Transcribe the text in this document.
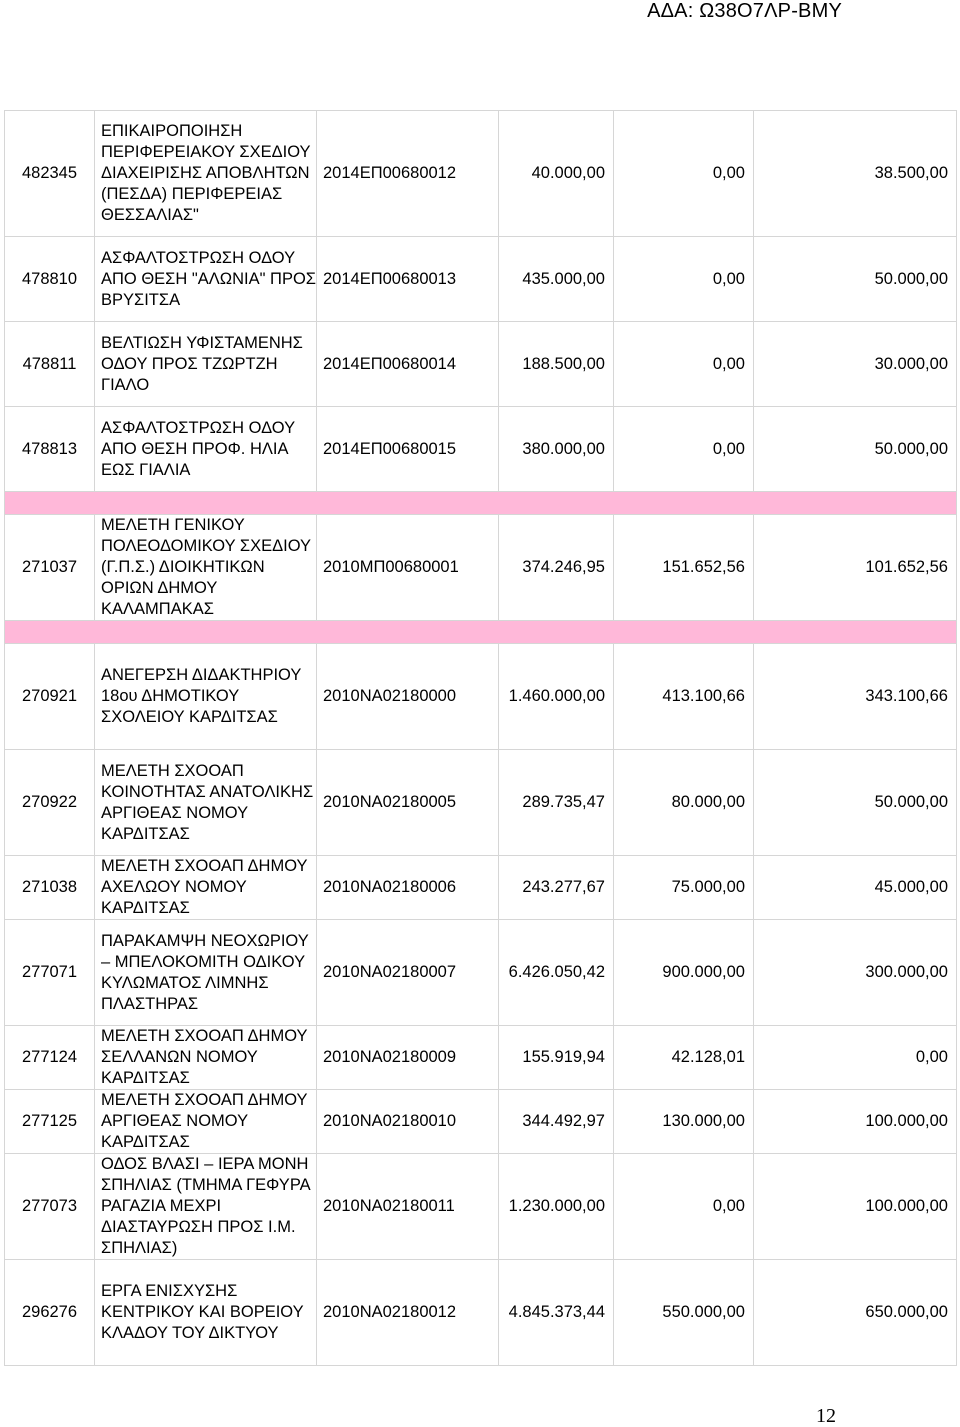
ΑΔΑ: Ω38Ο7ΛΡ-ΒΜΥ
482345	ΕΠΙΚΑΙΡΟΠΟΙΗΣΗ ΠΕΡΙΦΕΡΕΙΑΚΟΥ ΣΧΕΔΙΟΥ ΔΙΑΧΕΙΡΙΣΗΣ ΑΠΟΒΛΗΤΩΝ (ΠΕΣΔΑ) ΠΕΡΙΦΕΡΕΙΑΣ ΘΕΣΣΑΛΙΑΣ"	2014ΕΠ00680012	40.000,00	0,00	38.500,00
478810	ΑΣΦΑΛΤΟΣΤΡΩΣΗ ΟΔΟΥ ΑΠΟ ΘΕΣΗ "ΑΛΩΝΙΑ" ΠΡΟΣ ΒΡΥΣΙΤΣΑ	2014ΕΠ00680013	435.000,00	0,00	50.000,00
478811	ΒΕΛΤΙΩΣΗ ΥΦΙΣΤΑΜΕΝΗΣ ΟΔΟΥ ΠΡΟΣ ΤΖΩΡΤΖΗ ΓΙΑΛΟ	2014ΕΠ00680014	188.500,00	0,00	30.000,00
478813	ΑΣΦΑΛΤΟΣΤΡΩΣΗ ΟΔΟΥ ΑΠΟ ΘΕΣΗ ΠΡΟΦ. ΗΛΙΑ ΕΩΣ ΓΙΑΛΙΑ	2014ΕΠ00680015	380.000,00	0,00	50.000,00

271037	ΜΕΛΕΤΗ ΓΕΝΙΚΟΥ ΠΟΛΕΟΔΟΜΙΚΟΥ ΣΧΕΔΙΟΥ (Γ.Π.Σ.) ΔΙΟΙΚΗΤΙΚΩΝ ΟΡΙΩΝ ΔΗΜΟΥ ΚΑΛΑΜΠΑΚΑΣ	2010ΜΠ00680001	374.246,95	151.652,56	101.652,56

270921	ΑΝΕΓΕΡΣΗ ΔΙΔΑΚΤΗΡΙΟΥ 18ου ΔΗΜΟΤΙΚΟΥ ΣΧΟΛΕΙΟΥ ΚΑΡΔΙΤΣΑΣ	2010ΝΑ02180000	1.460.000,00	413.100,66	343.100,66
270922	ΜΕΛΕΤΗ ΣΧΟΟΑΠ ΚΟΙΝΟΤΗΤΑΣ ΑΝΑΤΟΛΙΚΗΣ ΑΡΓΙΘΕΑΣ ΝΟΜΟΥ ΚΑΡΔΙΤΣΑΣ	2010ΝΑ02180005	289.735,47	80.000,00	50.000,00
271038	ΜΕΛΕΤΗ ΣΧΟΟΑΠ ΔΗΜΟΥ ΑΧΕΛΩΟΥ ΝΟΜΟΥ ΚΑΡΔΙΤΣΑΣ	2010ΝΑ02180006	243.277,67	75.000,00	45.000,00
277071	ΠΑΡΑΚΑΜΨΗ ΝΕΟΧΩΡΙΟΥ – ΜΠΕΛΟΚΟΜΙΤΗ ΟΔΙΚΟΥ ΚΥΛΩΜΑΤΟΣ ΛΙΜΝΗΣ ΠΛΑΣΤΗΡΑΣ	2010ΝΑ02180007	6.426.050,42	900.000,00	300.000,00
277124	ΜΕΛΕΤΗ ΣΧΟΟΑΠ ΔΗΜΟΥ ΣΕΛΛΑΝΩΝ ΝΟΜΟΥ ΚΑΡΔΙΤΣΑΣ	2010ΝΑ02180009	155.919,94	42.128,01	0,00
277125	ΜΕΛΕΤΗ ΣΧΟΟΑΠ ΔΗΜΟΥ ΑΡΓΙΘΕΑΣ ΝΟΜΟΥ ΚΑΡΔΙΤΣΑΣ	2010ΝΑ02180010	344.492,97	130.000,00	100.000,00
277073	ΟΔΟΣ ΒΛΑΣΙ – ΙΕΡΑ ΜΟΝΗ ΣΠΗΛΙΑΣ (ΤΜΗΜΑ ΓΕΦΥΡΑ ΡΑΓΑΖΙΑ ΜΕΧΡΙ ΔΙΑΣΤΑΥΡΩΣΗ ΠΡΟΣ Ι.Μ. ΣΠΗΛΙΑΣ)	2010ΝΑ02180011	1.230.000,00	0,00	100.000,00
296276	ΕΡΓΑ ΕΝΙΣΧΥΣΗΣ ΚΕΝΤΡΙΚΟΥ ΚΑΙ ΒΟΡΕΙΟΥ ΚΛΑΔΟΥ ΤΟΥ ΔΙΚΤΥΟΥ	2010ΝΑ02180012	4.845.373,44	550.000,00	650.000,00
12
